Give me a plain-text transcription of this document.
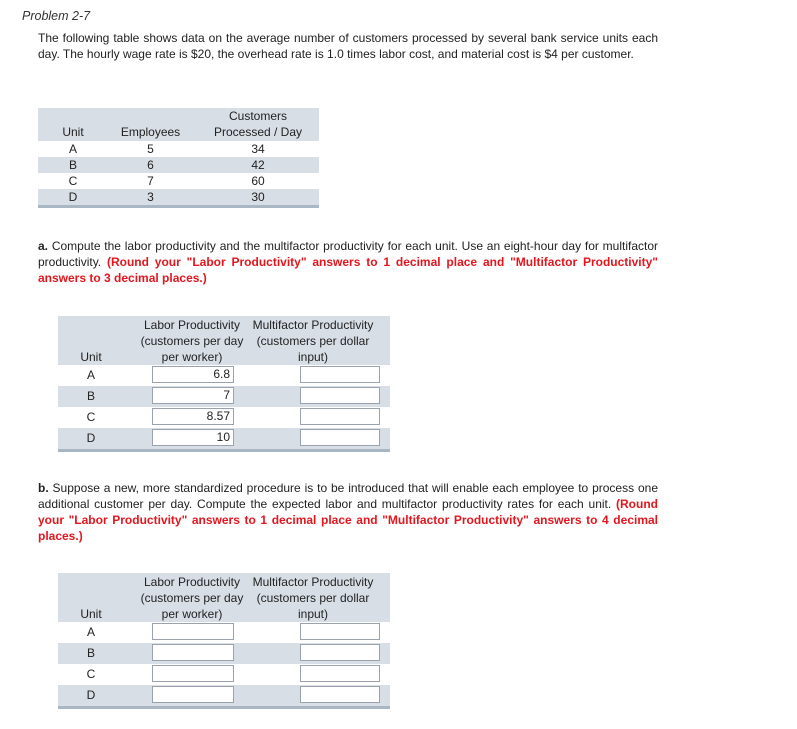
Problem 2-7
The following table shows data on the average number of customers processed by several bank service units each day. The hourly wage rate is $20, the overhead rate is 1.0 times labor cost, and material cost is $4 per customer.
Unit	Employees
Customers
Processed / Day
A	5	34
B	6	42
C	7	60
D	3	30
a. Compute the labor productivity and the multifactor productivity for each unit. Use an eight-hour day for multifactor productivity. (Round your "Labor Productivity" answers to 1 decimal place and "Multifactor Productivity" answers to 3 decimal places.)
Unit
Labor Productivity
(customers per day
per worker)
Multifactor Productivity
(customers per dollar
input)
A	6.8
B	7
C	8.57
D	10
b. Suppose a new, more standardized procedure is to be introduced that will enable each employee to process one additional customer per day. Compute the expected labor and multifactor productivity rates for each unit. (Round your "Labor Productivity" answers to 1 decimal place and "Multifactor Productivity" answers to 4 decimal places.)
Unit
Labor Productivity
(customers per day
per worker)
Multifactor Productivity
(customers per dollar
input)
A
B
C
D
